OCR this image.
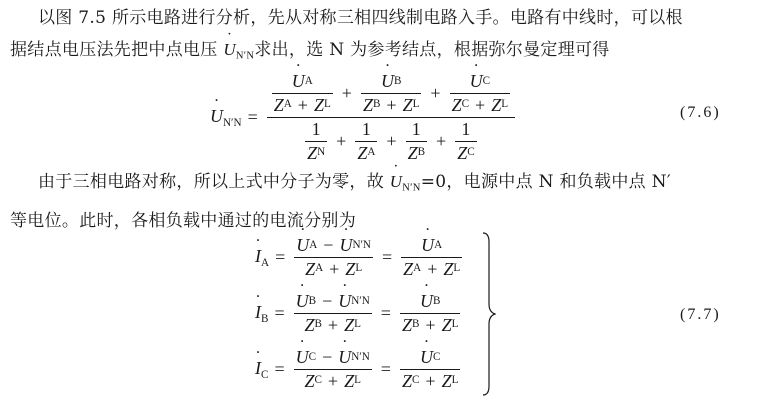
以图 7.5 所示电路进行分析，先从对称三相四线制电路入手。电路有中线时，可以根
据结点电压法先把中点电压 ˙ $U_{N'N}$求出，选 N 为参考结点，根据弥尔曼定理可得
˙ $U_{N'N}$ =
˙ $\frac{\text{U A}}{\text{Z A + Z L}}$ +
˙ $\frac{\text{U B}}{\text{Z B + Z L}}$ +
˙ $\frac{\text{U C}}{\text{Z C + Z L}}$
$\frac{1}{\text{Z N}} + \frac{1}{\text{Z A}} + \frac{1}{\text{Z B}} + \frac{1}{\text{Z C}}$
(7.6)
由于三相电路对称，所以上式中分子为零，故 ˙ $U_{N'N}=0$，电源中点 N 和负载中点 N′
等电位。此时，各相负载中通过的电流分别为
˙ $I_A$ =
˙ U A −
˙ U N′N
Z A + Z L =
˙ $\frac{\text{U A}}{\text{Z A + Z L}}$
˙ $I_B$ =
˙ U B −
˙ U N′N
Z B + Z L =
˙ $\frac{\text{U B}}{\text{Z B + Z L}}$
˙ $I_C$ =
˙ U C −
˙ U N′N
Z C + Z L =
˙ $\frac{\text{U C}}{\text{Z C + Z L}}$
(7.7)
